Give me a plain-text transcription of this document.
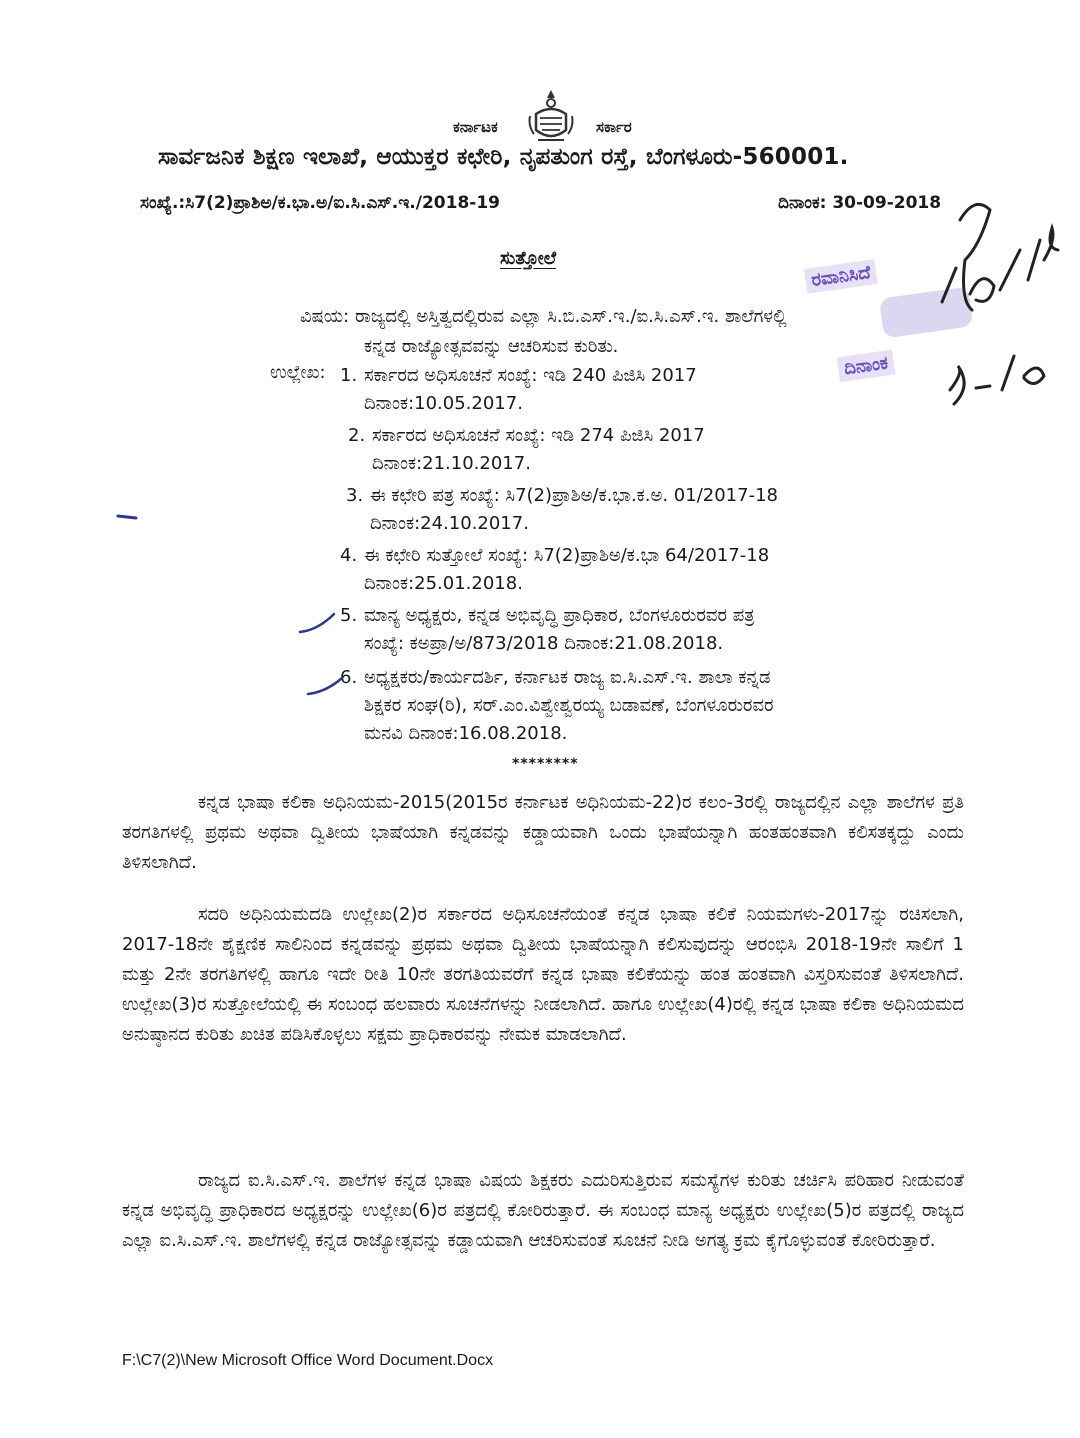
ಕರ್ನಾಟಕ	ಸರ್ಕಾರ
ಸಾರ್ವಜನಿಕ ಶಿಕ್ಷಣ ಇಲಾಖೆ, ಆಯುಕ್ತರ ಕಛೇರಿ, ನೃಪತುಂಗ ರಸ್ತೆ, ಬೆಂಗಳೂರು-560001.
ಸಂಖ್ಯೆ.:ಸಿ7(2)ಪ್ರಾಶಿಅ/ಕ.ಭಾ.ಅ/ಐ.ಸಿ.ಎಸ್.ಇ./2018-19	ದಿನಾಂಕ: 30-09-2018
ಸುತ್ತೋಲೆ
ವಿಷಯ: ರಾಜ್ಯದಲ್ಲಿ ಅಸ್ತಿತ್ವದಲ್ಲಿರುವ ಎಲ್ಲಾ ಸಿ.ಬಿ.ಎಸ್.ಇ./ಐ.ಸಿ.ಎಸ್.ಇ. ಶಾಲೆಗಳಲ್ಲಿ
ಕನ್ನಡ ರಾಜ್ಯೋತ್ಸವವನ್ನು ಆಚರಿಸುವ ಕುರಿತು.
ಉಲ್ಲೇಖ: 1. ಸರ್ಕಾರದ ಅಧಿಸೂಚನೆ ಸಂಖ್ಯೆ: ಇಡಿ 240 ಪಿಜಿಸಿ 2017
ದಿನಾಂಕ:10.05.2017.
2. ಸರ್ಕಾರದ ಅಧಿಸೂಚನೆ ಸಂಖ್ಯೆ: ಇಡಿ 274 ಪಿಜಿಸಿ 2017
ದಿನಾಂಕ:21.10.2017.
3. ಈ ಕಛೇರಿ ಪತ್ರ ಸಂಖ್ಯೆ: ಸಿ7(2)ಪ್ರಾಶಿಅ/ಕ.ಭಾ.ಕ.ಅ. 01/2017-18
ದಿನಾಂಕ:24.10.2017.
4. ಈ ಕಛೇರಿ ಸುತ್ತೋಲೆ ಸಂಖ್ಯೆ: ಸಿ7(2)ಪ್ರಾಶಿಅ/ಕ.ಭಾ 64/2017-18
ದಿನಾಂಕ:25.01.2018.
5. ಮಾನ್ಯ ಅಧ್ಯಕ್ಷರು, ಕನ್ನಡ ಅಭಿವೃದ್ಧಿ ಪ್ರಾಧಿಕಾರ, ಬೆಂಗಳೂರುರವರ ಪತ್ರ
ಸಂಖ್ಯೆ: ಕಅಪ್ರಾ/ಅ/873/2018 ದಿನಾಂಕ:21.08.2018.
6. ಅಧ್ಯಕ್ಷಕರು/ಕಾರ್ಯದರ್ಶಿ, ಕರ್ನಾಟಕ ರಾಜ್ಯ ಐ.ಸಿ.ಎಸ್.ಇ. ಶಾಲಾ ಕನ್ನಡ
ಶಿಕ್ಷಕರ ಸಂಘ(ರಿ), ಸರ್.ಎಂ.ವಿಶ್ವೇಶ್ವರಯ್ಯ ಬಡಾವಣೆ, ಬೆಂಗಳೂರುರವರ
ಮನವಿ ದಿನಾಂಕ:16.08.2018.
********

ಕನ್ನಡ ಭಾಷಾ ಕಲಿಕಾ ಅಧಿನಿಯಮ-2015(2015ರ ಕರ್ನಾಟಕ ಅಧಿನಿಯಮ-22)ರ ಕಲಂ-3ರಲ್ಲಿ ರಾಜ್ಯದಲ್ಲಿನ ಎಲ್ಲಾ ಶಾಲೆಗಳ ಪ್ರತಿ ತರಗತಿಗಳಲ್ಲಿ ಪ್ರಥಮ ಅಥವಾ ದ್ವಿತೀಯ ಭಾಷೆಯಾಗಿ ಕನ್ನಡವನ್ನು ಕಡ್ಡಾಯವಾಗಿ ಒಂದು ಭಾಷೆಯನ್ನಾಗಿ ಹಂತಹಂತವಾಗಿ ಕಲಿಸತಕ್ಕದ್ದು ಎಂದು ತಿಳಿಸಲಾಗಿದೆ.

ಸದರಿ ಅಧಿನಿಯಮದಡಿ ಉಲ್ಲೇಖ(2)ರ ಸರ್ಕಾರದ ಅಧಿಸೂಚನೆಯಂತೆ ಕನ್ನಡ ಭಾಷಾ ಕಲಿಕೆ ನಿಯಮಗಳು-2017ನ್ನು ರಚಿಸಲಾಗಿ, 2017-18ನೇ ಶೈಕ್ಷಣಿಕ ಸಾಲಿನಿಂದ ಕನ್ನಡವನ್ನು ಪ್ರಥಮ ಅಥವಾ ದ್ವಿತೀಯ ಭಾಷೆಯನ್ನಾಗಿ ಕಲಿಸುವುದನ್ನು ಆರಂಭಿಸಿ 2018-19ನೇ ಸಾಲಿಗೆ 1 ಮತ್ತು 2ನೇ ತರಗತಿಗಳಲ್ಲಿ ಹಾಗೂ ಇದೇ ರೀತಿ 10ನೇ ತರಗತಿಯವರೆಗೆ ಕನ್ನಡ ಭಾಷಾ ಕಲಿಕೆಯನ್ನು ಹಂತ ಹಂತವಾಗಿ ವಿಸ್ತರಿಸುವಂತೆ ತಿಳಿಸಲಾಗಿದೆ. ಉಲ್ಲೇಖ(3)ರ ಸುತ್ತೋಲೆಯಲ್ಲಿ ಈ ಸಂಬಂಧ ಹಲವಾರು ಸೂಚನೆಗಳನ್ನು ನೀಡಲಾಗಿದೆ. ಹಾಗೂ ಉಲ್ಲೇಖ(4)ರಲ್ಲಿ ಕನ್ನಡ ಭಾಷಾ ಕಲಿಕಾ ಅಧಿನಿಯಮದ ಅನುಷ್ಠಾನದ ಕುರಿತು ಖಚಿತ ಪಡಿಸಿಕೊಳ್ಳಲು ಸಕ್ಷಮ ಪ್ರಾಧಿಕಾರವನ್ನು ನೇಮಕ ಮಾಡಲಾಗಿದೆ.

ರಾಜ್ಯದ ಐ.ಸಿ.ಎಸ್.ಇ. ಶಾಲೆಗಳ ಕನ್ನಡ ಭಾಷಾ ವಿಷಯ ಶಿಕ್ಷಕರು ಎದುರಿಸುತ್ತಿರುವ ಸಮಸ್ಯೆಗಳ ಕುರಿತು ಚರ್ಚಿಸಿ ಪರಿಹಾರ ನೀಡುವಂತೆ ಕನ್ನಡ ಅಭಿವೃದ್ಧಿ ಪ್ರಾಧಿಕಾರದ ಅಧ್ಯಕ್ಷರನ್ನು ಉಲ್ಲೇಖ(6)ರ ಪತ್ರದಲ್ಲಿ ಕೋರಿರುತ್ತಾರೆ. ಈ ಸಂಬಂಧ ಮಾನ್ಯ ಅಧ್ಯಕ್ಷರು ಉಲ್ಲೇಖ(5)ರ ಪತ್ರದಲ್ಲಿ ರಾಜ್ಯದ ಎಲ್ಲಾ ಐ.ಸಿ.ಎಸ್.ಇ. ಶಾಲೆಗಳಲ್ಲಿ ಕನ್ನಡ ರಾಜ್ಯೋತ್ಸವನ್ನು ಕಡ್ಡಾಯವಾಗಿ ಆಚರಿಸುವಂತೆ ಸೂಚನೆ ನೀಡಿ ಅಗತ್ಯ ಕ್ರಮ ಕೈಗೊಳ್ಳುವಂತೆ ಕೋರಿರುತ್ತಾರೆ.

F:\C7(2)\New Microsoft Office Word Document.Docx
ರವಾನಿಸಿದೆ
ದಿನಾಂಕ
